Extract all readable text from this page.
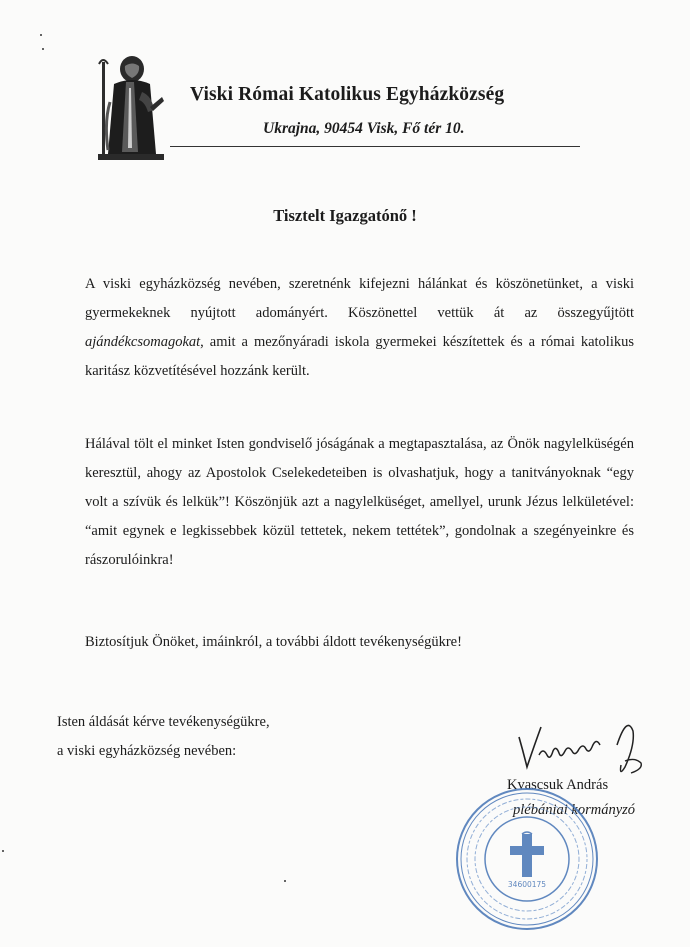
Viski Római Katolikus Egyházközség
Ukrajna, 90454 Visk, Fő tér 10.
Tisztelt Igazgatónő !

A viski egyházközség nevében, szeretnénk kifejezni hálánkat és köszönetünket, a viski gyermekeknek nyújtott adományért. Köszönettel vettük át az összegyűjtött ajándékcsomagokat, amit a mezőnyáradi iskola gyermekei készítettek és a római katolikus karitász közvetítésével hozzánk került.

Hálával tölt el minket Isten gondviselő jóságának a megtapasztalása, az Önök nagylelküségén keresztül, ahogy az Apostolok Cselekedeteiben is olvashatjuk, hogy a tanitványoknak “egy volt a szívük és lelkük”! Köszönjük azt a nagylelküséget, amellyel, urunk Jézus lelkületével: “amit egynek e legkissebbek közül tettetek, nekem tettétek”, gondolnak a szegényeinkre és rászorulóinkra!

Biztosítjuk Önöket, imáinkról, a további áldott tevékenységükre!

Isten áldását kérve tevékenységükre,
a viski egyházközség nevében:
Kvascsuk András
plébániai kormányzó
34600175
